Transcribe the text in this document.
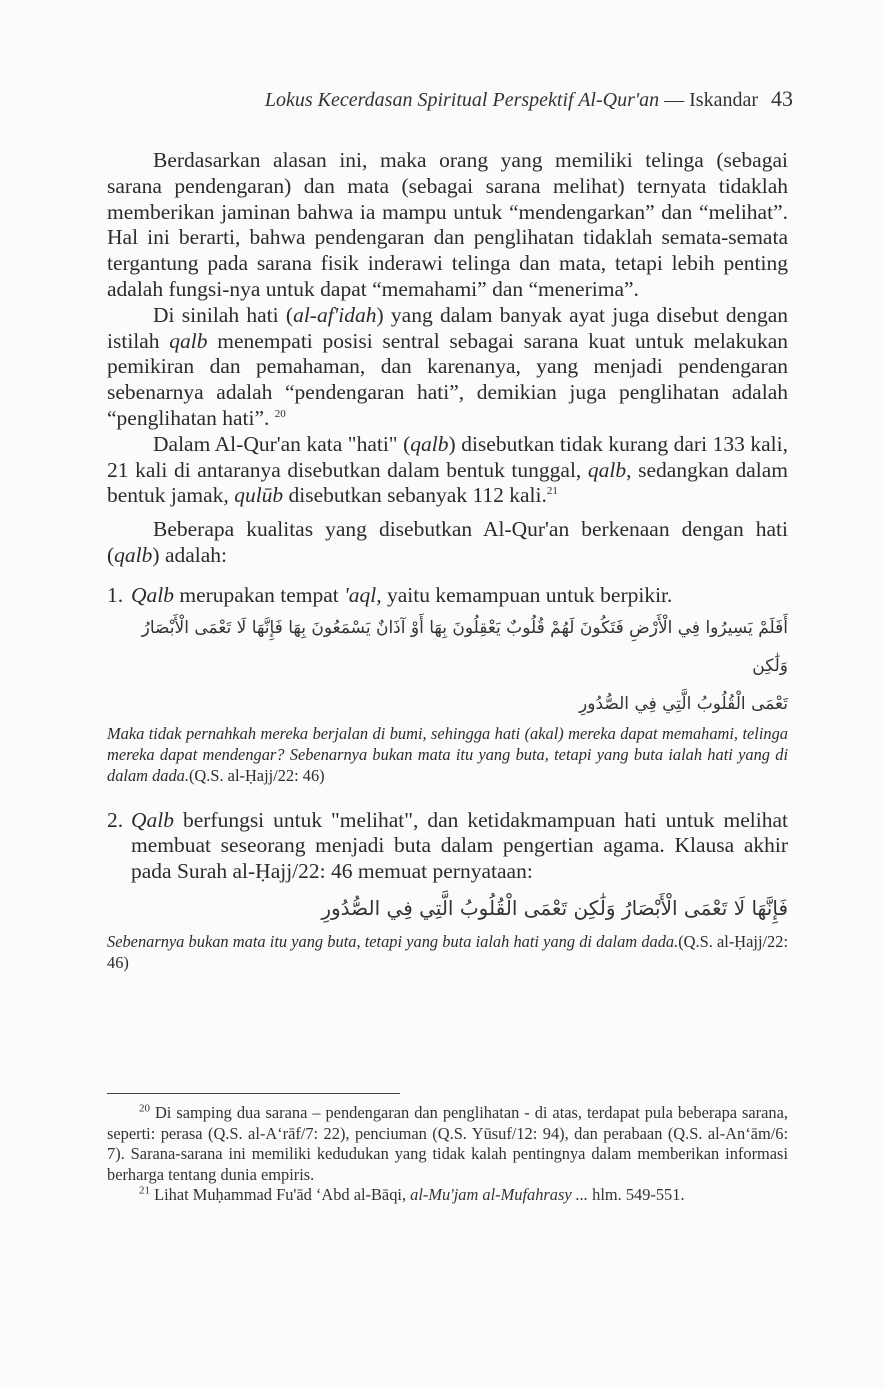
Lokus Kecerdasan Spiritual Perspektif Al-Qur'an — Iskandar 43

Berdasarkan alasan ini, maka orang yang memiliki telinga (sebagai sarana pendengaran) dan mata (sebagai sarana melihat) ternyata tidaklah memberikan jaminan bahwa ia mampu untuk “mendengarkan” dan “melihat”. Hal ini berarti, bahwa pendengaran dan penglihatan tidaklah semata-semata tergantung pada sarana fisik inderawi telinga dan mata, tetapi lebih penting adalah fungsi-nya untuk dapat “memahami” dan “menerima”.

Di sinilah hati (al-af'idah) yang dalam banyak ayat juga disebut dengan istilah qalb menempati posisi sentral sebagai sarana kuat untuk melakukan pemikiran dan pemahaman, dan karenanya, yang menjadi pendengaran sebenarnya adalah “pendengaran hati”, demikian juga penglihatan adalah “penglihatan hati”. $^{20}$

Dalam Al-Qur'an kata "hati" (qalb) disebutkan tidak kurang dari 133 kali, 21 kali di antaranya disebutkan dalam bentuk tunggal, qalb, sedangkan dalam bentuk jamak, qulūb disebutkan sebanyak 112 kali.$^{21}$

Beberapa kualitas yang disebutkan Al-Qur'an berkenaan dengan hati (qalb) adalah:

1. Qalb merupakan tempat 'aql, yaitu kemampuan untuk berpikir.

أَفَلَمْ يَسِيرُوا فِي الْأَرْضِ فَتَكُونَ لَهُمْ قُلُوبٌ يَعْقِلُونَ بِهَا أَوْ آذَانٌ يَسْمَعُونَ بِهَا فَإِنَّهَا لَا تَعْمَى الْأَبْصَارُ وَلَٰكِن
تَعْمَى الْقُلُوبُ الَّتِي فِي الصُّدُورِ

Maka tidak pernahkah mereka berjalan di bumi, sehingga hati (akal) mereka dapat memahami, telinga mereka dapat mendengar? Sebenarnya bukan mata itu yang buta, tetapi yang buta ialah hati yang di dalam dada.(Q.S. al-Ḥajj/22: 46)

2. Qalb berfungsi untuk "melihat", dan ketidakmampuan hati untuk melihat membuat seseorang menjadi buta dalam pengertian agama. Klausa akhir pada Surah al-Ḥajj/22: 46 memuat pernyataan:

فَإِنَّهَا لَا تَعْمَى الْأَبْصَارُ وَلَٰكِن تَعْمَى الْقُلُوبُ الَّتِي فِي الصُّدُورِ

Sebenarnya bukan mata itu yang buta, tetapi yang buta ialah hati yang di dalam dada.(Q.S. al-Ḥajj/22: 46)

$^{20}$ Di samping dua sarana – pendengaran dan penglihatan - di atas, terdapat pula beberapa sarana, seperti: perasa (Q.S. al-A‘rāf/7: 22), penciuman (Q.S. Yūsuf/12: 94), dan perabaan (Q.S. al-An‘ām/6: 7). Sarana-sarana ini memiliki kedudukan yang tidak kalah pentingnya dalam memberikan informasi berharga tentang dunia empiris.

$^{21}$ Lihat Muḥammad Fu'ād ‘Abd al-Bāqi, al-Mu'jam al-Mufahrasy ... hlm. 549-551.
